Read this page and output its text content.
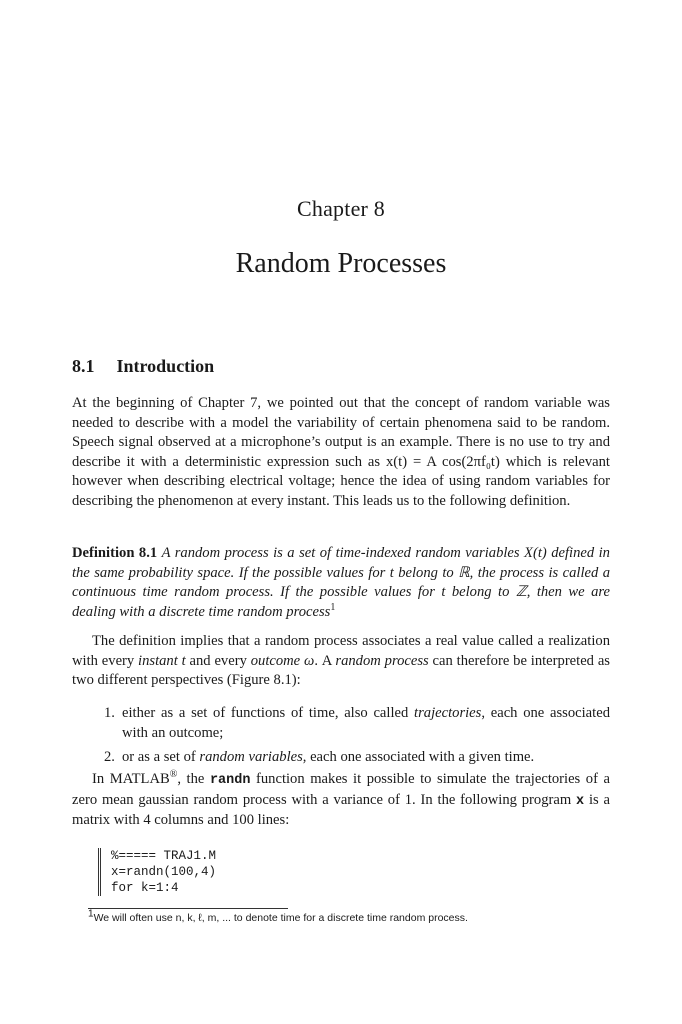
Chapter 8
Random Processes
8.1 Introduction
At the beginning of Chapter 7, we pointed out that the concept of random variable was needed to describe with a model the variability of certain phenomena said to be random. Speech signal observed at a microphone’s output is an example. There is no use to try and describe it with a deterministic expression such as x(t) = A cos(2πf₀t) which is relevant however when describing electrical voltage; hence the idea of using random variables for describing the phenomenon at every instant. This leads us to the following definition.
Definition 8.1 A random process is a set of time-indexed random variables X(t) defined in the same probability space. If the possible values for t belong to ℝ, the process is called a continuous time random process. If the possible values for t belong to ℤ, then we are dealing with a discrete time random process$^1$
The definition implies that a random process associates a real value called a realization with every instant t and every outcome ω. A random process can therefore be interpreted as two different perspectives (Figure 8.1):
1. either as a set of functions of time, also called trajectories, each one associated with an outcome;
2. or as a set of random variables, each one associated with a given time.
In MATLAB®, the randn function makes it possible to simulate the trajectories of a zero mean gaussian random process with a variance of 1. In the following program x is a matrix with 4 columns and 100 lines:
%===== TRAJ1.M
x=randn(100,4)
for k=1:4
1We will often use n, k, ℓ, m, ... to denote time for a discrete time random process.
